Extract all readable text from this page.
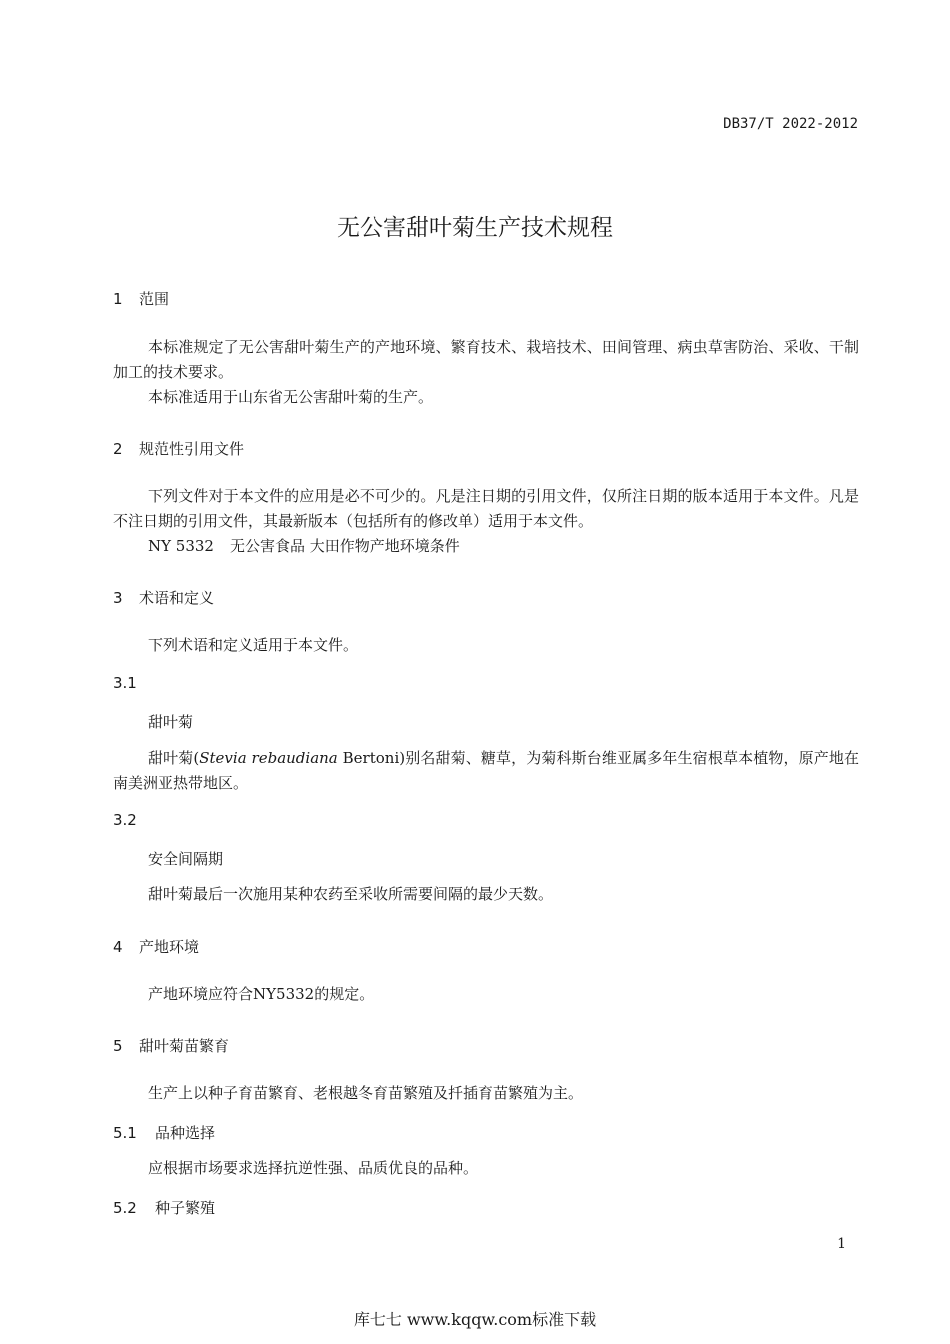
DB37/T 2022-2012
无公害甜叶菊生产技术规程
1 范围
本标准规定了无公害甜叶菊生产的产地环境、繁育技术、栽培技术、田间管理、病虫草害防治、采收、干制加工的技术要求。
本标准适用于山东省无公害甜叶菊的生产。
2 规范性引用文件
下列文件对于本文件的应用是必不可少的。凡是注日期的引用文件，仅所注日期的版本适用于本文件。凡是不注日期的引用文件，其最新版本（包括所有的修改单）适用于本文件。
NY 5332 无公害食品 大田作物产地环境条件
3 术语和定义
下列术语和定义适用于本文件。
3.1
甜叶菊
甜叶菊(Stevia rebaudiana Bertoni)别名甜菊、糖草，为菊科斯台维亚属多年生宿根草本植物，原产地在南美洲亚热带地区。
3.2
安全间隔期
甜叶菊最后一次施用某种农药至采收所需要间隔的最少天数。
4 产地环境
产地环境应符合NY5332的规定。
5 甜叶菊苗繁育
生产上以种子育苗繁育、老根越冬育苗繁殖及扦插育苗繁殖为主。
5.1 品种选择
应根据市场要求选择抗逆性强、品质优良的品种。
5.2 种子繁殖
1
库七七 www.kqqw.com标准下载
